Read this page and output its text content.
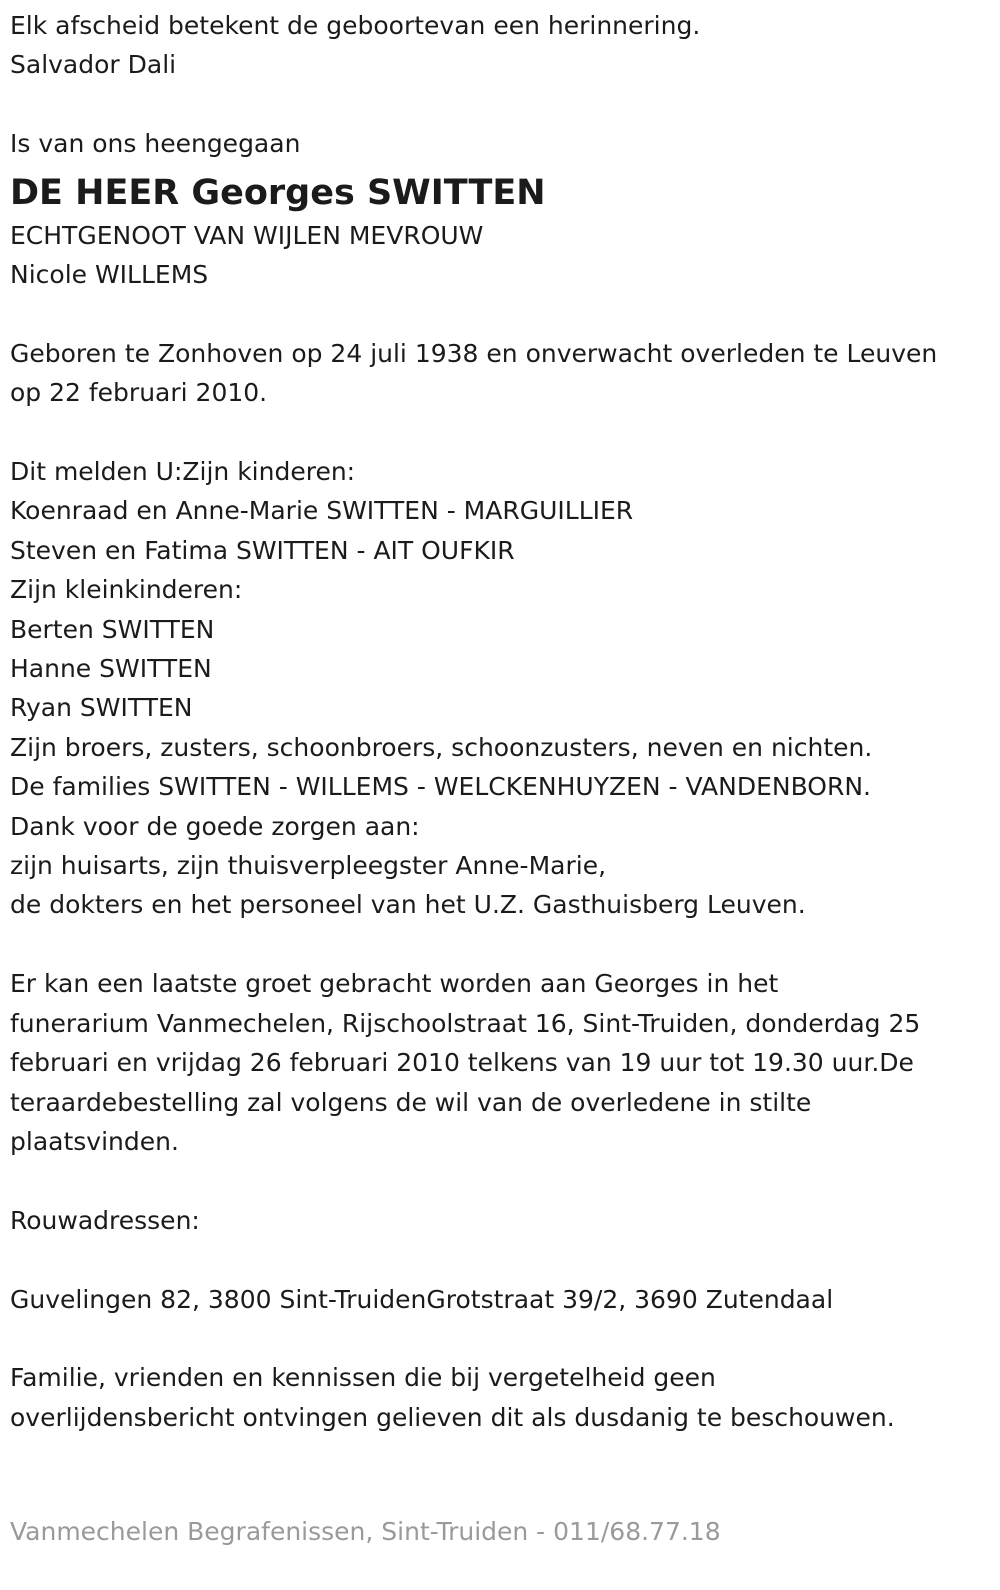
Elk afscheid betekent de geboortevan een herinnering.

Salvador Dali

Is van ons heengegaan

DE HEER Georges SWITTEN

ECHTGENOOT VAN WIJLEN MEVROUW

Nicole WILLEMS

Geboren te Zonhoven op 24 juli 1938 en onverwacht overleden te Leuven

op 22 februari 2010.

Dit melden U:Zijn kinderen:

Koenraad en Anne-Marie SWITTEN - MARGUILLIER

Steven en Fatima SWITTEN - AIT OUFKIR

Zijn kleinkinderen:

Berten SWITTEN

Hanne SWITTEN

Ryan SWITTEN

Zijn broers, zusters, schoonbroers, schoonzusters, neven en nichten.

De families SWITTEN - WILLEMS - WELCKENHUYZEN - VANDENBORN.

Dank voor de goede zorgen aan:

zijn huisarts, zijn thuisverpleegster Anne-Marie,

de dokters en het personeel van het U.Z. Gasthuisberg Leuven.

Er kan een laatste groet gebracht worden aan Georges in het

funerarium Vanmechelen, Rijschoolstraat 16, Sint-Truiden, donderdag 25

februari en vrijdag 26 februari 2010 telkens van 19 uur tot 19.30 uur.De

teraardebestelling zal volgens de wil van de overledene in stilte

plaatsvinden.

Rouwadressen:

Guvelingen 82, 3800 Sint-TruidenGrotstraat 39/2, 3690 Zutendaal

Familie, vrienden en kennissen die bij vergetelheid geen

overlijdensbericht ontvingen gelieven dit als dusdanig te beschouwen.

Vanmechelen Begrafenissen, Sint-Truiden - 011/68.77.18
